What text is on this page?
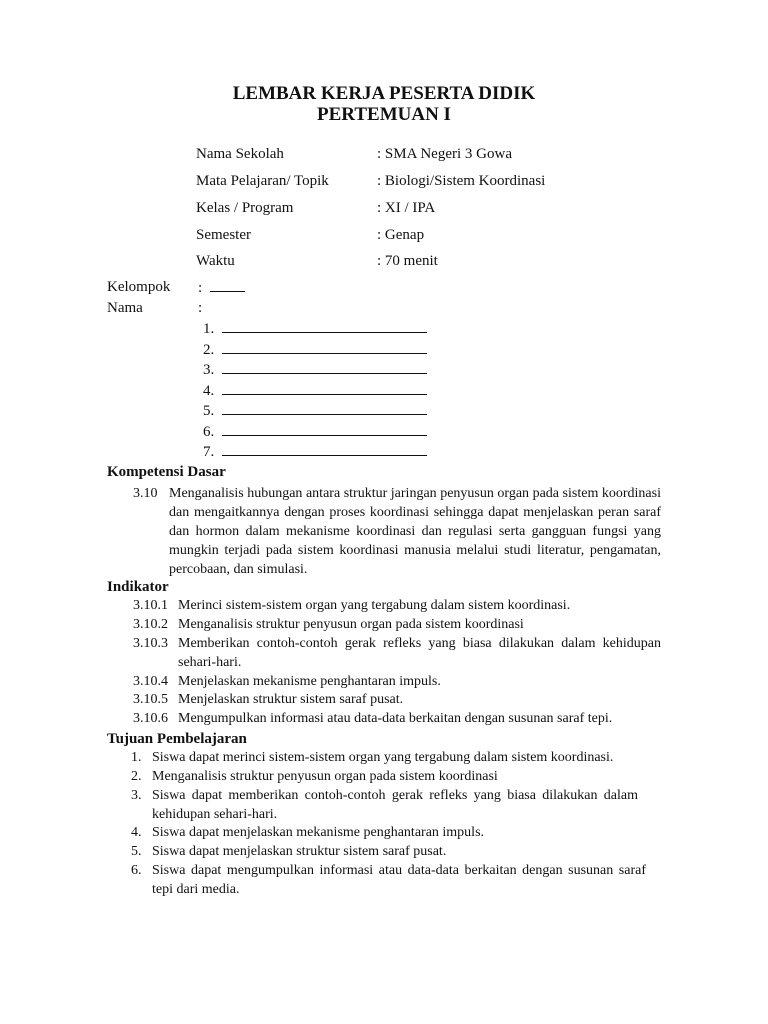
LEMBAR KERJA PESERTA DIDIK
PERTEMUAN I
Nama Sekolah	: SMA Negeri 3 Gowa
Mata Pelajaran/ Topik	: Biologi/Sistem Koordinasi
Kelas / Program	: XI / IPA
Semester	: Genap
Waktu	: 70 menit
Kelompok :
Nama	:
1.
2.
3.
4.
5.
6.
7.
Kompetensi Dasar
3.10 Menganalisis hubungan antara struktur jaringan penyusun organ pada sistem koordinasi dan mengaitkannya dengan proses koordinasi sehingga dapat menjelaskan peran saraf dan hormon dalam mekanisme koordinasi dan regulasi serta gangguan fungsi yang mungkin terjadi pada sistem koordinasi manusia melalui studi literatur, pengamatan, percobaan, dan simulasi.
Indikator
3.10.1 Merinci sistem-sistem organ yang tergabung dalam sistem koordinasi.
3.10.2 Menganalisis struktur penyusun organ pada sistem koordinasi
3.10.3 Memberikan contoh-contoh gerak refleks yang biasa dilakukan dalam kehidupan sehari-hari.
3.10.4 Menjelaskan mekanisme penghantaran impuls.
3.10.5 Menjelaskan struktur sistem saraf pusat.
3.10.6 Mengumpulkan informasi atau data-data berkaitan dengan susunan saraf tepi.
Tujuan Pembelajaran
1. Siswa dapat merinci sistem-sistem organ yang tergabung dalam sistem koordinasi.
2. Menganalisis struktur penyusun organ pada sistem koordinasi
3. Siswa dapat memberikan contoh-contoh gerak refleks yang biasa dilakukan dalam kehidupan sehari-hari.
4. Siswa dapat menjelaskan mekanisme penghantaran impuls.
5. Siswa dapat menjelaskan struktur sistem saraf pusat.
6. Siswa dapat mengumpulkan informasi atau data-data berkaitan dengan susunan saraf tepi dari media.
